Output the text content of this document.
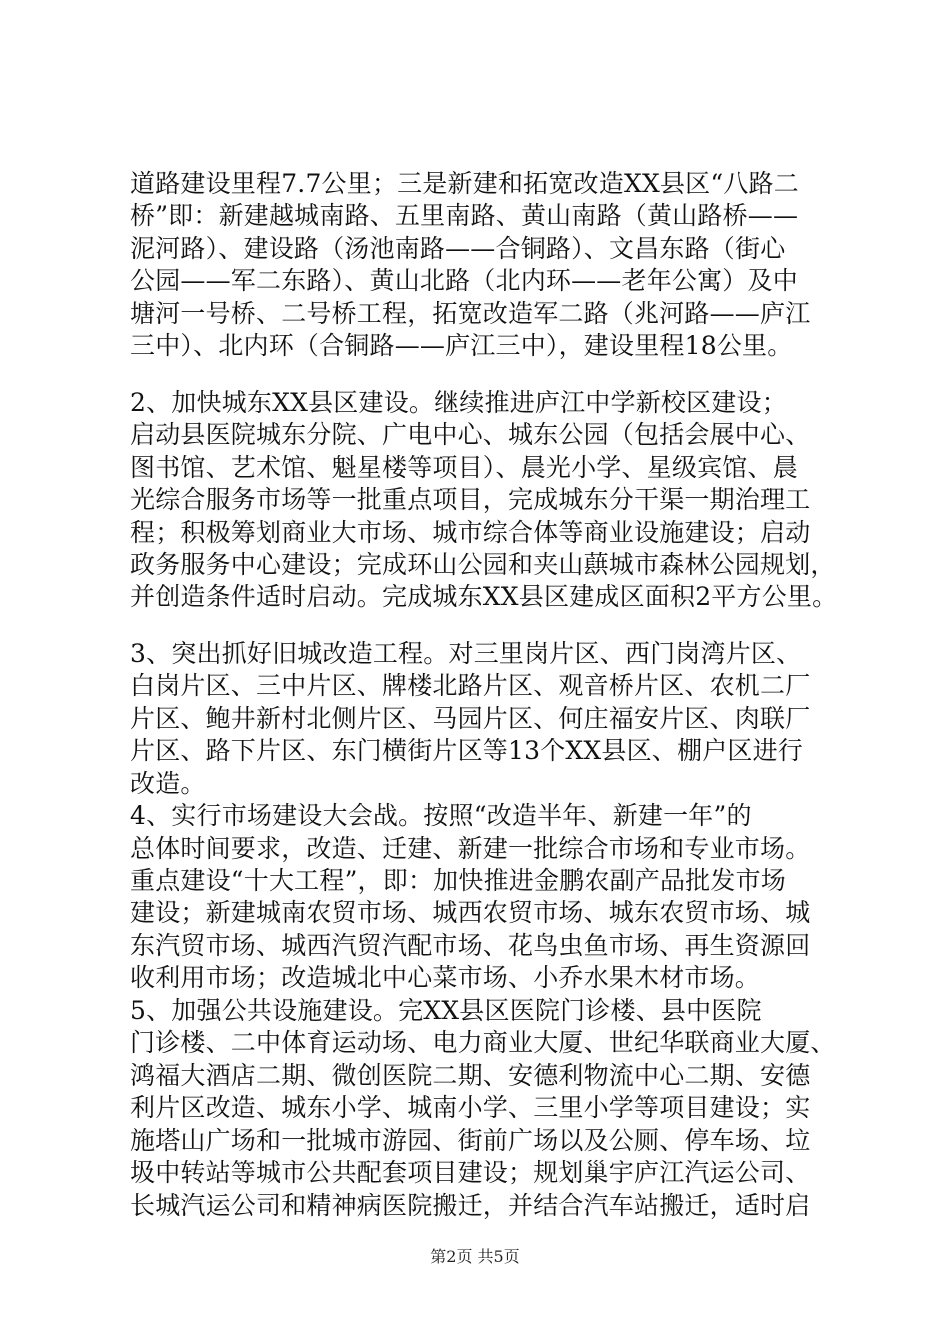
道路建设里程7.7公里；三是新建和拓宽改造XX县区“八路二
桥”即：新建越城南路、五里南路、黄山南路（黄山路桥——
泥河路）、建设路（汤池南路——合铜路）、文昌东路（街心
公园——军二东路）、黄山北路（北内环——老年公寓）及中
塘河一号桥、二号桥工程，拓宽改造军二路（兆河路——庐江
三中）、北内环（合铜路——庐江三中），建设里程18公里。
2、加快城东XX县区建设。继续推进庐江中学新校区建设；
启动县医院城东分院、广电中心、城东公园（包括会展中心、
图书馆、艺术馆、魁星楼等项目）、晨光小学、星级宾馆、晨
光综合服务市场等一批重点项目，完成城东分干渠一期治理工
程；积极筹划商业大市场、城市综合体等商业设施建设；启动
政务服务中心建设；完成环山公园和夹山蕻城市森林公园规划，
并创造条件适时启动。完成城东XX县区建成区面积2平方公里。
3、突出抓好旧城改造工程。对三里岗片区、西门岗湾片区、
白岗片区、三中片区、牌楼北路片区、观音桥片区、农机二厂
片区、鲍井新村北侧片区、马园片区、何庄福安片区、肉联厂
片区、路下片区、东门横街片区等13个XX县区、棚户区进行
改造。
4、实行市场建设大会战。按照“改造半年、新建一年”的
总体时间要求，改造、迁建、新建一批综合市场和专业市场。
重点建设“十大工程”，即：加快推进金鹏农副产品批发市场
建设；新建城南农贸市场、城西农贸市场、城东农贸市场、城
东汽贸市场、城西汽贸汽配市场、花鸟虫鱼市场、再生资源回
收利用市场；改造城北中心菜市场、小乔水果木材市场。
5、加强公共设施建设。完XX县区医院门诊楼、县中医院
门诊楼、二中体育运动场、电力商业大厦、世纪华联商业大厦、
鸿福大酒店二期、微创医院二期、安德利物流中心二期、安德
利片区改造、城东小学、城南小学、三里小学等项目建设；实
施塔山广场和一批城市游园、街前广场以及公厕、停车场、垃
圾中转站等城市公共配套项目建设；规划巢宇庐江汽运公司、
长城汽运公司和精神病医院搬迁，并结合汽车站搬迁，适时启
第2页 共5页
